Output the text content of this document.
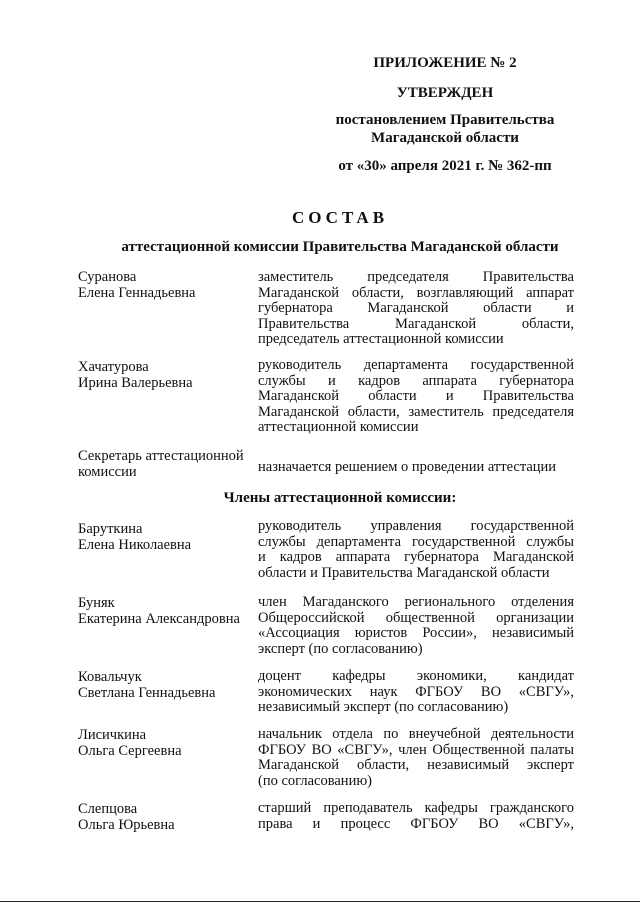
ПРИЛОЖЕНИЕ № 2
УТВЕРЖДЕН
постановлением Правительства
Магаданской области
от «30» апреля 2021 г. № 362-пп
СОСТАВ
аттестационной комиссии Правительства Магаданской области
Суранова
Елена Геннадьевна
заместитель председателя Правительства
Магаданской области, возглавляющий аппарат
губернатора Магаданской области и
Правительства Магаданской области,
председатель аттестационной комиссии
Хачатурова
Ирина Валерьевна
руководитель департамента государственной
службы и кадров аппарата губернатора
Магаданской области и Правительства
Магаданской области, заместитель председателя
аттестационной комиссии
Секретарь аттестационной
комиссии	назначается решением о проведении аттестации
Члены аттестационной комиссии:
Баруткина
Елена Николаевна
руководитель управления государственной
службы департамента государственной службы
и кадров аппарата губернатора Магаданской
области и Правительства Магаданской области
Буняк
Екатерина Александровна
член Магаданского регионального отделения
Общероссийской общественной организации
«Ассоциация юристов России», независимый
эксперт (по согласованию)
Ковальчук
Светлана Геннадьевна
доцент кафедры экономики, кандидат
экономических наук ФГБОУ ВО «СВГУ»,
независимый эксперт (по согласованию)
Лисичкина
Ольга Сергеевна
начальник отдела по внеучебной деятельности
ФГБОУ ВО «СВГУ», член Общественной палаты
Магаданской области, независимый эксперт
(по согласованию)
Слепцова
Ольга Юрьевна
старший преподаватель кафедры гражданского
права и процесс ФГБОУ ВО «СВГУ»,
